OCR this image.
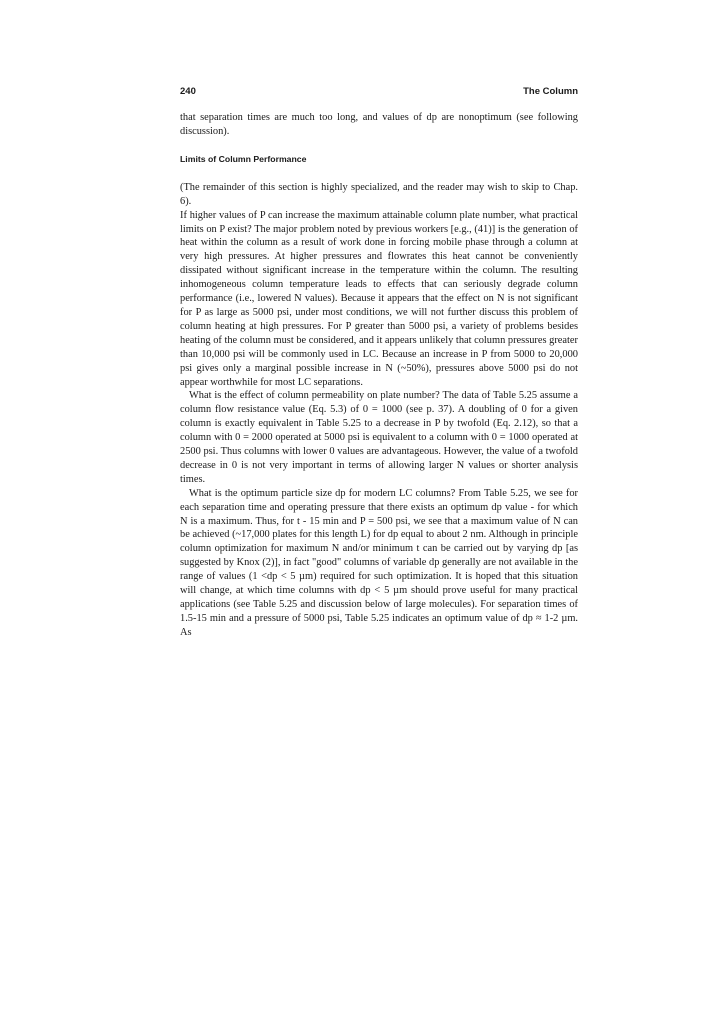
240	The Column

that separation times are much too long, and values of dp are nonoptimum (see following discussion).

Limits of Column Performance

(The remainder of this section is highly specialized, and the reader may wish to skip to Chap. 6).

If higher values of P can increase the maximum attainable column plate number, what practical limits on P exist? The major problem noted by previous workers [e.g., (41)] is the generation of heat within the column as a result of work done in forcing mobile phase through a column at very high pressures. At higher pressures and flowrates this heat cannot be conveniently dissipated without significant increase in the temperature within the column. The resulting inhomogeneous column temperature leads to effects that can seriously degrade column performance (i.e., lowered N values). Because it appears that the effect on N is not significant for P as large as 5000 psi, under most conditions, we will not further discuss this problem of column heating at high pressures. For P greater than 5000 psi, a variety of problems besides heating of the column must be considered, and it appears unlikely that column pressures greater than 10,000 psi will be commonly used in LC. Because an increase in P from 5000 to 20,000 psi gives only a marginal possible increase in N (~50%), pressures above 5000 psi do not appear worthwhile for most LC separations.

What is the effect of column permeability on plate number? The data of Table 5.25 assume a column flow resistance value (Eq. 5.3) of 0 = 1000 (see p. 37). A doubling of 0 for a given column is exactly equivalent in Table 5.25 to a decrease in P by twofold (Eq. 2.12), so that a column with 0 = 2000 operated at 5000 psi is equivalent to a column with 0 = 1000 operated at 2500 psi. Thus columns with lower 0 values are advantageous. However, the value of a twofold decrease in 0 is not very important in terms of allowing larger N values or shorter analysis times.

What is the optimum particle size dp for modern LC columns? From Table 5.25, we see for each separation time and operating pressure that there exists an optimum dp value - for which N is a maximum. Thus, for t - 15 min and P = 500 psi, we see that a maximum value of N can be achieved (~17,000 plates for this length L) for dp equal to about 2 nm. Although in principle column optimization for maximum N and/or minimum t can be carried out by varying dp [as suggested by Knox (2)], in fact "good" columns of variable dp generally are not available in the range of values (1 <dp < 5 µm) required for such optimization. It is hoped that this situation will change, at which time columns with dp < 5 µm should prove useful for many practical applications (see Table 5.25 and discussion below of large molecules). For separation times of 1.5-15 min and a pressure of 5000 psi, Table 5.25 indicates an optimum value of dp ≈ 1-2 µm. As
